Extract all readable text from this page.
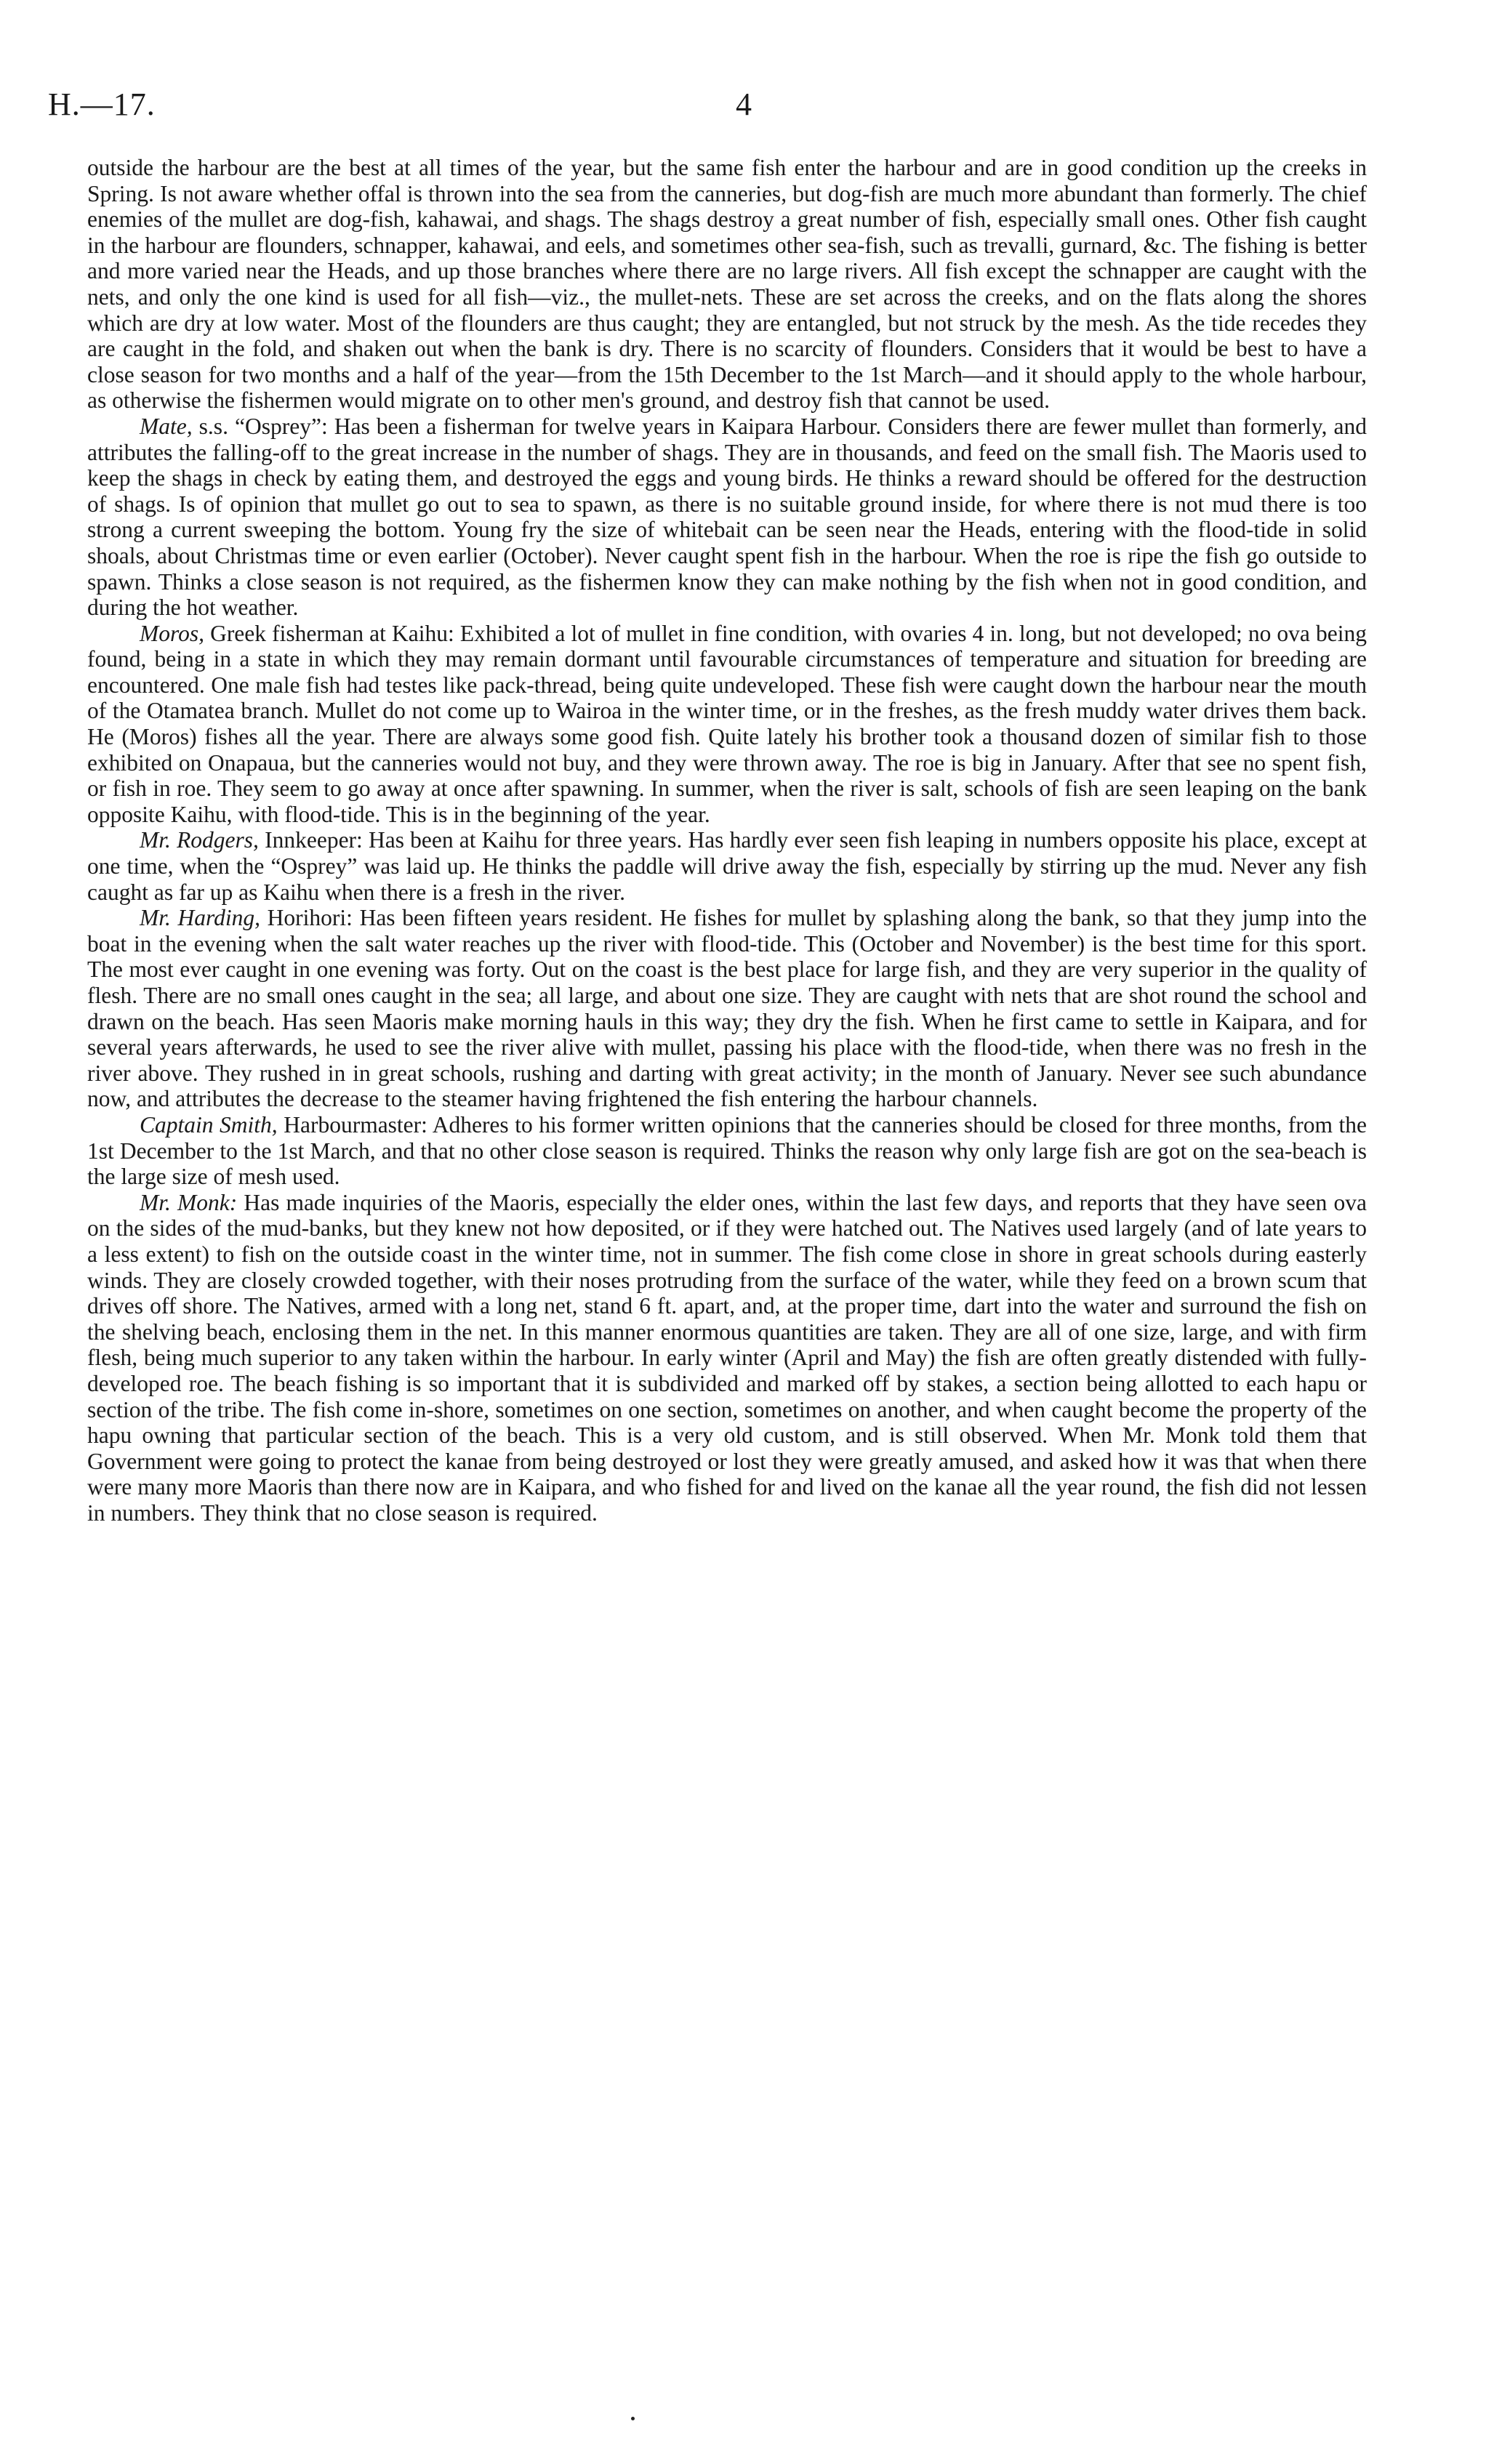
H.—17.	4

outside the harbour are the best at all times of the year, but the same fish enter the harbour and are in good condition up the creeks in Spring. Is not aware whether offal is thrown into the sea from the canneries, but dog-fish are much more abundant than formerly. The chief enemies of the mullet are dog-fish, kahawai, and shags. The shags destroy a great number of fish, especially small ones. Other fish caught in the harbour are flounders, schnapper, kahawai, and eels, and sometimes other sea-fish, such as trevalli, gurnard, &c. The fishing is better and more varied near the Heads, and up those branches where there are no large rivers. All fish except the schnapper are caught with the nets, and only the one kind is used for all fish—viz., the mullet-nets. These are set across the creeks, and on the flats along the shores which are dry at low water. Most of the flounders are thus caught; they are entangled, but not struck by the mesh. As the tide recedes they are caught in the fold, and shaken out when the bank is dry. There is no scarcity of flounders. Considers that it would be best to have a close season for two months and a half of the year—from the 15th December to the 1st March—and it should apply to the whole harbour, as otherwise the fishermen would migrate on to other men's ground, and destroy fish that cannot be used.

Mate, s.s. “Osprey”: Has been a fisherman for twelve years in Kaipara Harbour. Considers there are fewer mullet than formerly, and attributes the falling-off to the great increase in the number of shags. They are in thousands, and feed on the small fish. The Maoris used to keep the shags in check by eating them, and destroyed the eggs and young birds. He thinks a reward should be offered for the destruction of shags. Is of opinion that mullet go out to sea to spawn, as there is no suitable ground inside, for where there is not mud there is too strong a current sweeping the bottom. Young fry the size of whitebait can be seen near the Heads, entering with the flood-tide in solid shoals, about Christmas time or even earlier (October). Never caught spent fish in the harbour. When the roe is ripe the fish go outside to spawn. Thinks a close season is not required, as the fishermen know they can make nothing by the fish when not in good condition, and during the hot weather.

Moros, Greek fisherman at Kaihu: Exhibited a lot of mullet in fine condition, with ovaries 4 in. long, but not developed; no ova being found, being in a state in which they may remain dormant until favourable circumstances of temperature and situation for breeding are encountered. One male fish had testes like pack-thread, being quite undeveloped. These fish were caught down the harbour near the mouth of the Otamatea branch. Mullet do not come up to Wairoa in the winter time, or in the freshes, as the fresh muddy water drives them back. He (Moros) fishes all the year. There are always some good fish. Quite lately his brother took a thousand dozen of similar fish to those exhibited on Onapaua, but the canneries would not buy, and they were thrown away. The roe is big in January. After that see no spent fish, or fish in roe. They seem to go away at once after spawning. In summer, when the river is salt, schools of fish are seen leaping on the bank opposite Kaihu, with flood-tide. This is in the beginning of the year.

Mr. Rodgers, Innkeeper: Has been at Kaihu for three years. Has hardly ever seen fish leaping in numbers opposite his place, except at one time, when the “Osprey” was laid up. He thinks the paddle will drive away the fish, especially by stirring up the mud. Never any fish caught as far up as Kaihu when there is a fresh in the river.

Mr. Harding, Horihori: Has been fifteen years resident. He fishes for mullet by splashing along the bank, so that they jump into the boat in the evening when the salt water reaches up the river with flood-tide. This (October and November) is the best time for this sport. The most ever caught in one evening was forty. Out on the coast is the best place for large fish, and they are very superior in the quality of flesh. There are no small ones caught in the sea; all large, and about one size. They are caught with nets that are shot round the school and drawn on the beach. Has seen Maoris make morning hauls in this way; they dry the fish. When he first came to settle in Kaipara, and for several years afterwards, he used to see the river alive with mullet, passing his place with the flood-tide, when there was no fresh in the river above. They rushed in in great schools, rushing and darting with great activity; in the month of January. Never see such abundance now, and attributes the decrease to the steamer having frightened the fish entering the harbour channels.

Captain Smith, Harbourmaster: Adheres to his former written opinions that the canneries should be closed for three months, from the 1st December to the 1st March, and that no other close season is required. Thinks the reason why only large fish are got on the sea-beach is the large size of mesh used.

Mr. Monk: Has made inquiries of the Maoris, especially the elder ones, within the last few days, and reports that they have seen ova on the sides of the mud-banks, but they knew not how deposited, or if they were hatched out. The Natives used largely (and of late years to a less extent) to fish on the outside coast in the winter time, not in summer. The fish come close in shore in great schools during easterly winds. They are closely crowded together, with their noses protruding from the surface of the water, while they feed on a brown scum that drives off shore. The Natives, armed with a long net, stand 6 ft. apart, and, at the proper time, dart into the water and surround the fish on the shelving beach, enclosing them in the net. In this manner enormous quantities are taken. They are all of one size, large, and with firm flesh, being much superior to any taken within the harbour. In early winter (April and May) the fish are often greatly distended with fully-developed roe. The beach fishing is so important that it is subdivided and marked off by stakes, a section being allotted to each hapu or section of the tribe. The fish come in-shore, sometimes on one section, sometimes on another, and when caught become the property of the hapu owning that particular section of the beach. This is a very old custom, and is still observed. When Mr. Monk told them that Government were going to protect the kanae from being destroyed or lost they were greatly amused, and asked how it was that when there were many more Maoris than there now are in Kaipara, and who fished for and lived on the kanae all the year round, the fish did not lessen in numbers. They think that no close season is required.
